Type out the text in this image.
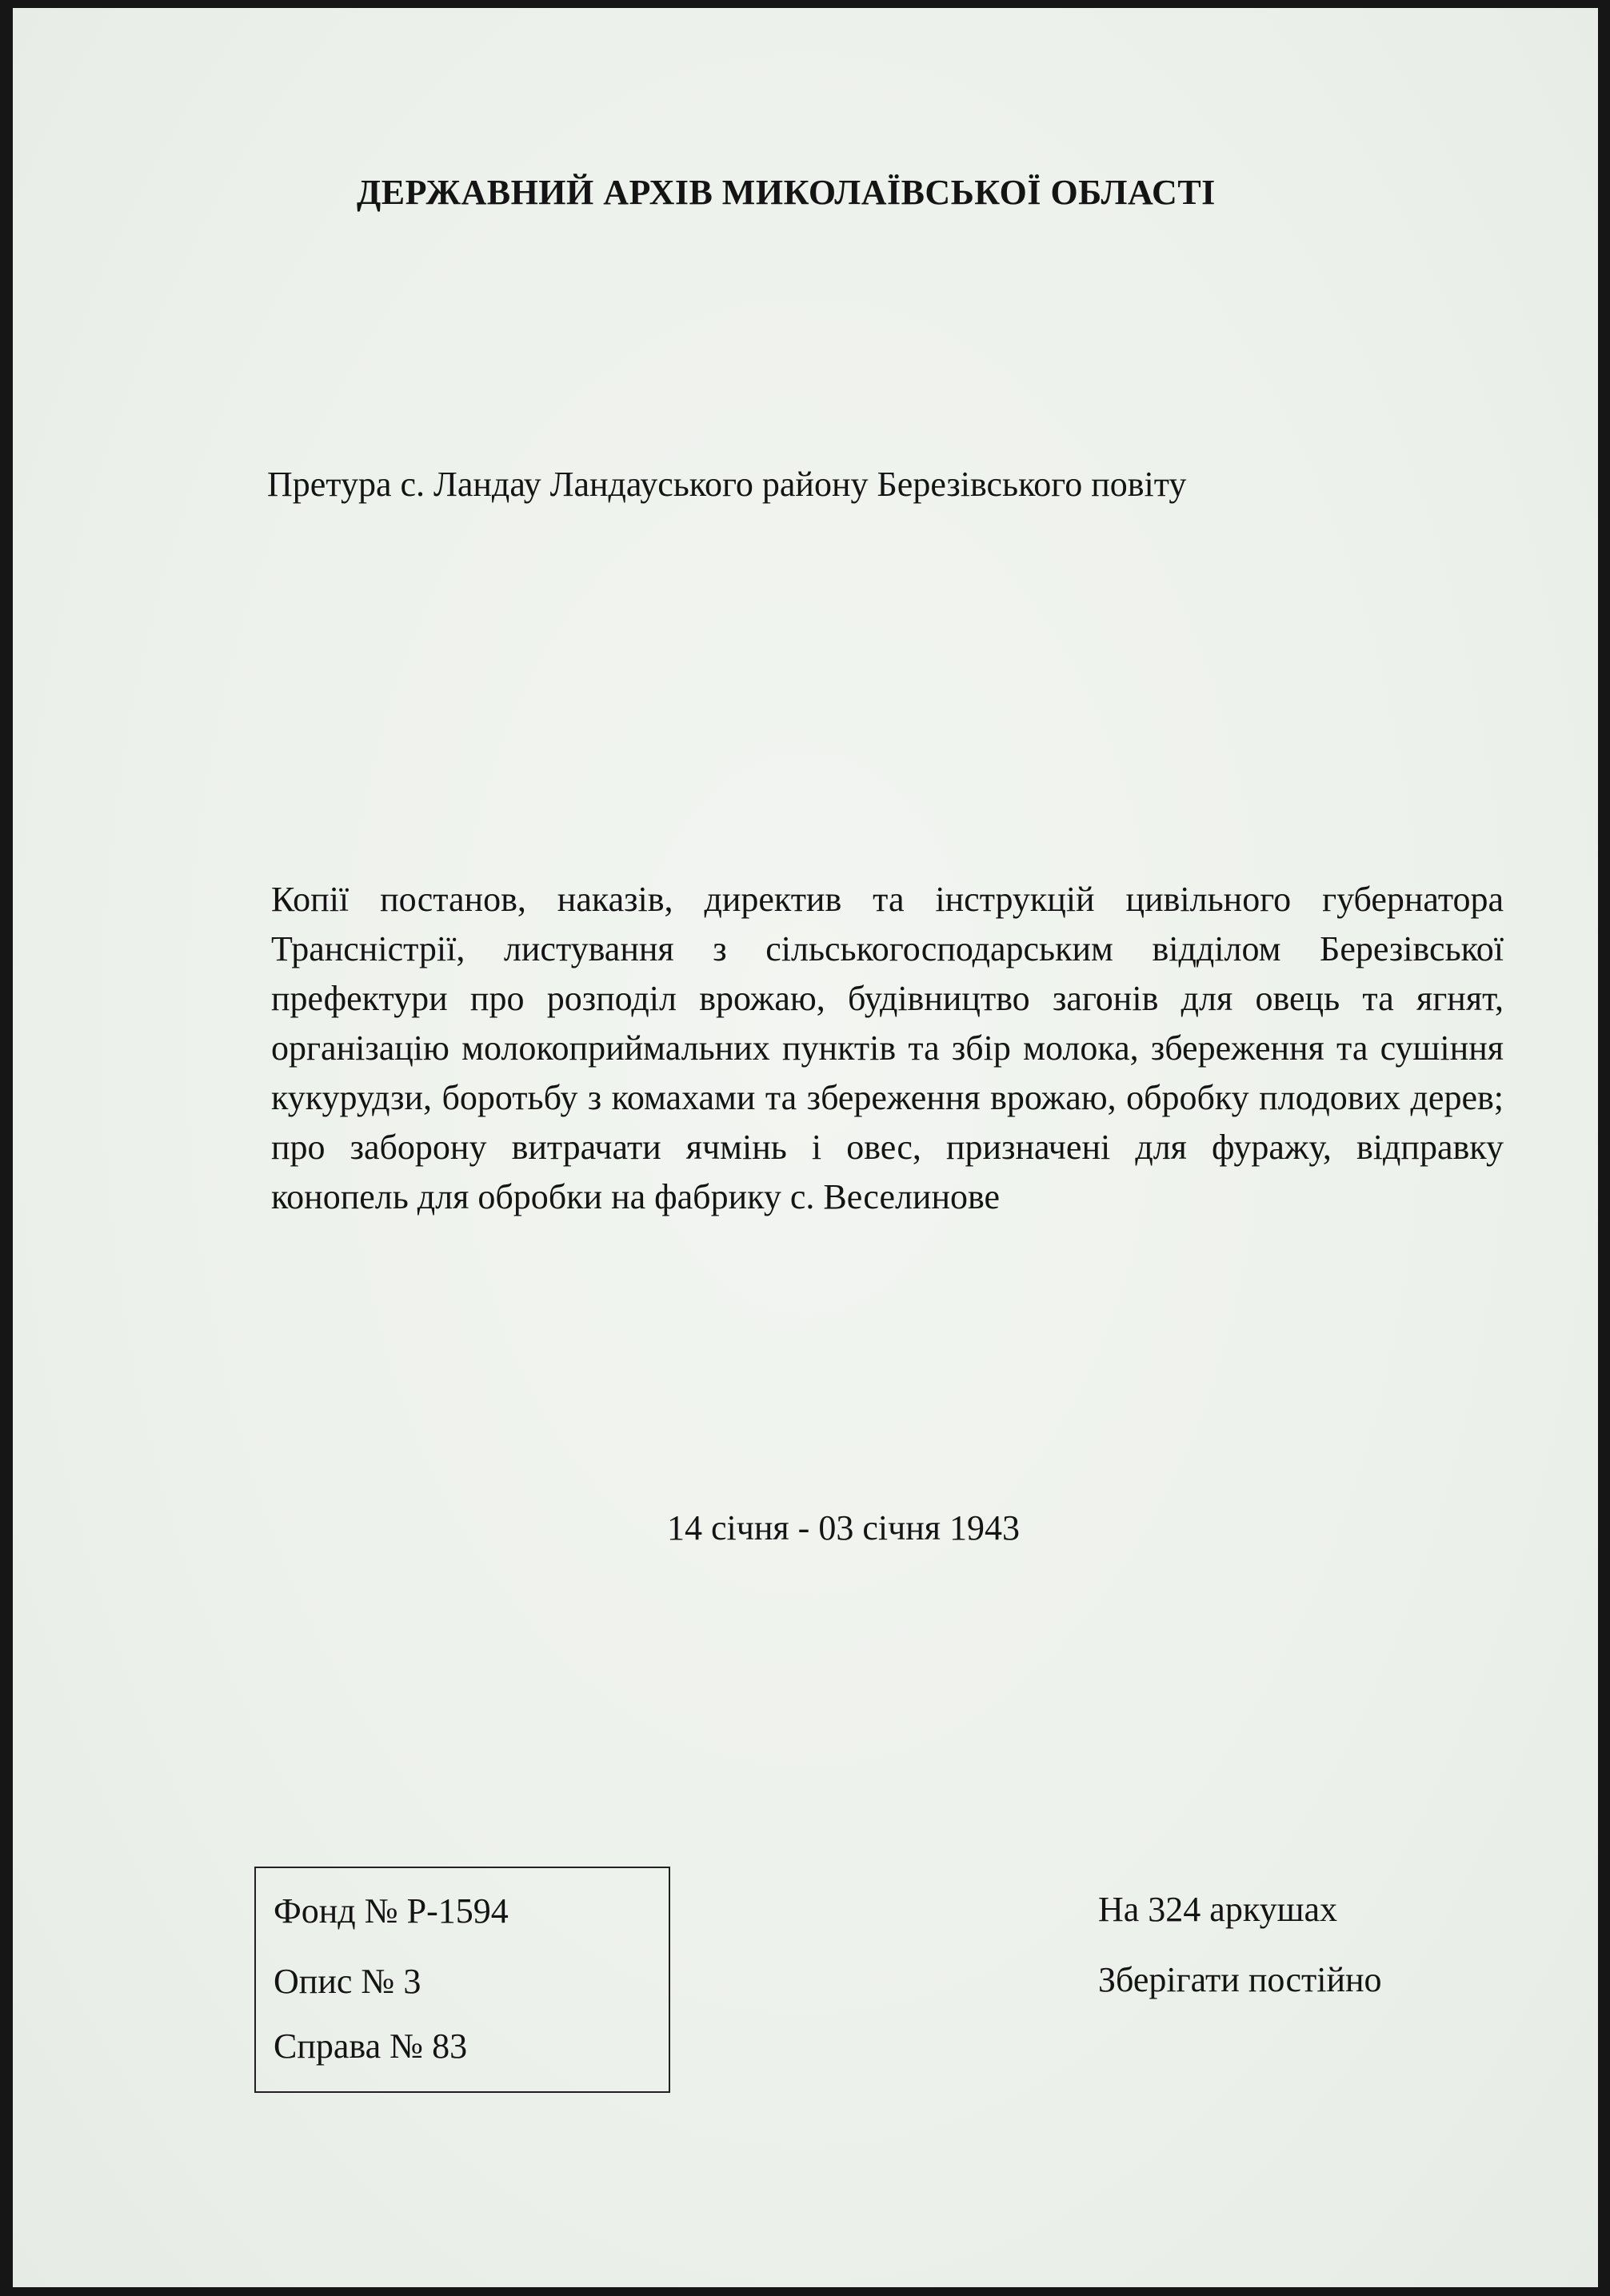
ДЕРЖАВНИЙ АРХІВ МИКОЛАЇВСЬКОЇ ОБЛАСТІ

Претура с. Ландау Ландауського району Березівського повіту

Копії постанов, наказів, директив та інструкцій цивільного губернатора Трансністрії, листування з сільськогосподарським відділом Березівської префектури про розподіл врожаю, будівництво загонів для овець та ягнят, організацію молокоприймальних пунктів та збір молока, збереження та сушіння кукурудзи, боротьбу з комахами та збереження врожаю, обробку плодових дерев; про заборону витрачати ячмінь і овес, призначені для фуражу, відправку конопель для обробки на фабрику с. Веселинове

14 січня - 03 січня 1943

Фонд № Р-1594

Опис № 3

Справа № 83

На 324 аркушах

Зберігати постійно
